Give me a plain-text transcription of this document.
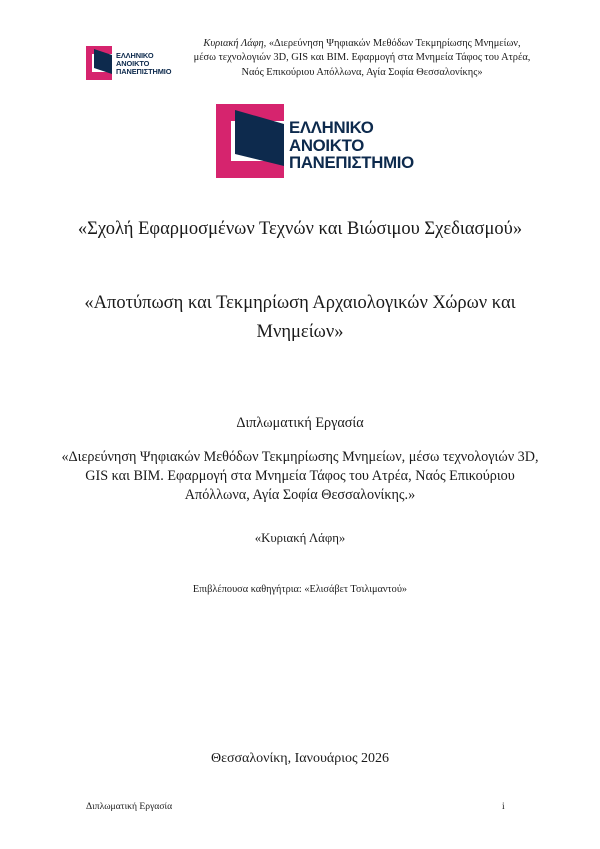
ΕΛΛΗΝΙΚΟ
ΑΝΟΙΚΤΟ
ΠΑΝΕΠΙΣΤΗΜΙΟ
Κυριακή Λάφη, «Διερεύνηση Ψηφιακών Μεθόδων Τεκμηρίωσης Μνημείων, μέσω τεχνολογιών 3D, GIS και BIM. Εφαρμογή στα Μνημεία Τάφος του Ατρέα, Ναός Επικούριου Απόλλωνα, Αγία Σοφία Θεσσαλονίκης»
ΕΛΛΗΝΙΚΟ
ΑΝΟΙΚΤΟ
ΠΑΝΕΠΙΣΤΗΜΙΟ
«Σχολή Εφαρμοσμένων Τεχνών και Βιώσιμου Σχεδιασμού»
«Αποτύπωση και Τεκμηρίωση Αρχαιολογικών Χώρων και Μνημείων»
Διπλωματική Εργασία
«Διερεύνηση Ψηφιακών Μεθόδων Τεκμηρίωσης Μνημείων, μέσω τεχνολογιών 3D, GIS και BIM. Εφαρμογή στα Μνημεία Τάφος του Ατρέα, Ναός Επικούριου Απόλλωνα, Αγία Σοφία Θεσσαλονίκης.»
«Κυριακή Λάφη»
Επιβλέπουσα καθηγήτρια: «Ελισάβετ Τσιλιμαντού»
Θεσσαλονίκη, Ιανουάριος 2026
Διπλωματική Εργασία	i
